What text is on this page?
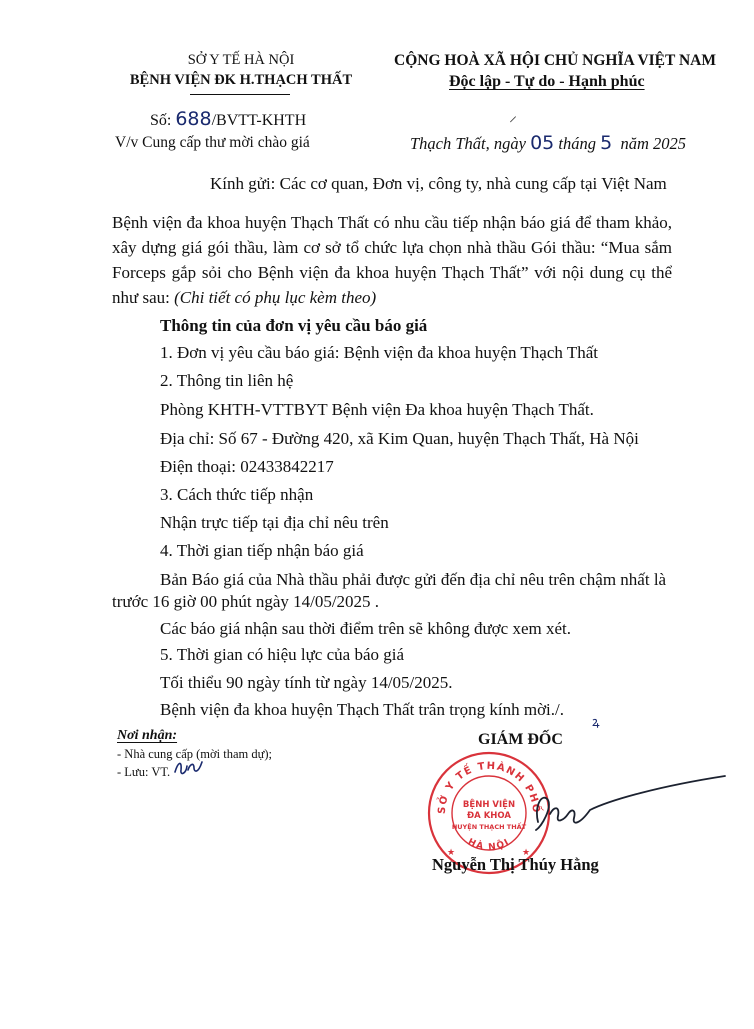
SỞ Y TẾ HÀ NỘI
BỆNH VIỆN ĐK H.THẠCH THẤT
Số: 688/BVTT-KHTH
V/v Cung cấp thư mời chào giá
CỘNG HOÀ XÃ HỘI CHỦ NGHĨA VIỆT NAM
Độc lập - Tự do - Hạnh phúc
⸝
Thạch Thất, ngày 05 tháng 5 năm 2025
Kính gửi: Các cơ quan, Đơn vị, công ty, nhà cung cấp tại Việt Nam
Bệnh viện đa khoa huyện Thạch Thất có nhu cầu tiếp nhận báo giá để tham khảo, xây dựng giá gói thầu, làm cơ sở tổ chức lựa chọn nhà thầu Gói thầu: “Mua sắm Forceps gắp sỏi cho Bệnh viện đa khoa huyện Thạch Thất” với nội dung cụ thể như sau: (Chi tiết có phụ lục kèm theo)
Thông tin của đơn vị yêu cầu báo giá
1. Đơn vị yêu cầu báo giá: Bệnh viện đa khoa huyện Thạch Thất
2. Thông tin liên hệ
Phòng KHTH-VTTBYT Bệnh viện Đa khoa huyện Thạch Thất.
Địa chỉ: Số 67 - Đường 420, xã Kim Quan, huyện Thạch Thất, Hà Nội
Điện thoại: 02433842217
3. Cách thức tiếp nhận
Nhận trực tiếp tại địa chỉ nêu trên
4. Thời gian tiếp nhận báo giá
Bản Báo giá của Nhà thầu phải được gửi đến địa chỉ nêu trên chậm nhất là
trước 16 giờ 00 phút ngày 14/05/2025 .
Các báo giá nhận sau thời điểm trên sẽ không được xem xét.
5. Thời gian có hiệu lực của báo giá
Tối thiểu 90 ngày tính từ ngày 14/05/2025.
Bệnh viện đa khoa huyện Thạch Thất trân trọng kính mời./.
ꝝ
Nơi nhận:
- Nhà cung cấp (mời tham dự);
- Lưu: VT.
GIÁM ĐỐC
SỞ Y TẾ THÀNH PHỐ
HÀ NỘI
BỆNH VIỆN
ĐA KHOA
HUYỆN THẠCH THẤT
★	★
Nguyễn Thị Thúy Hằng
